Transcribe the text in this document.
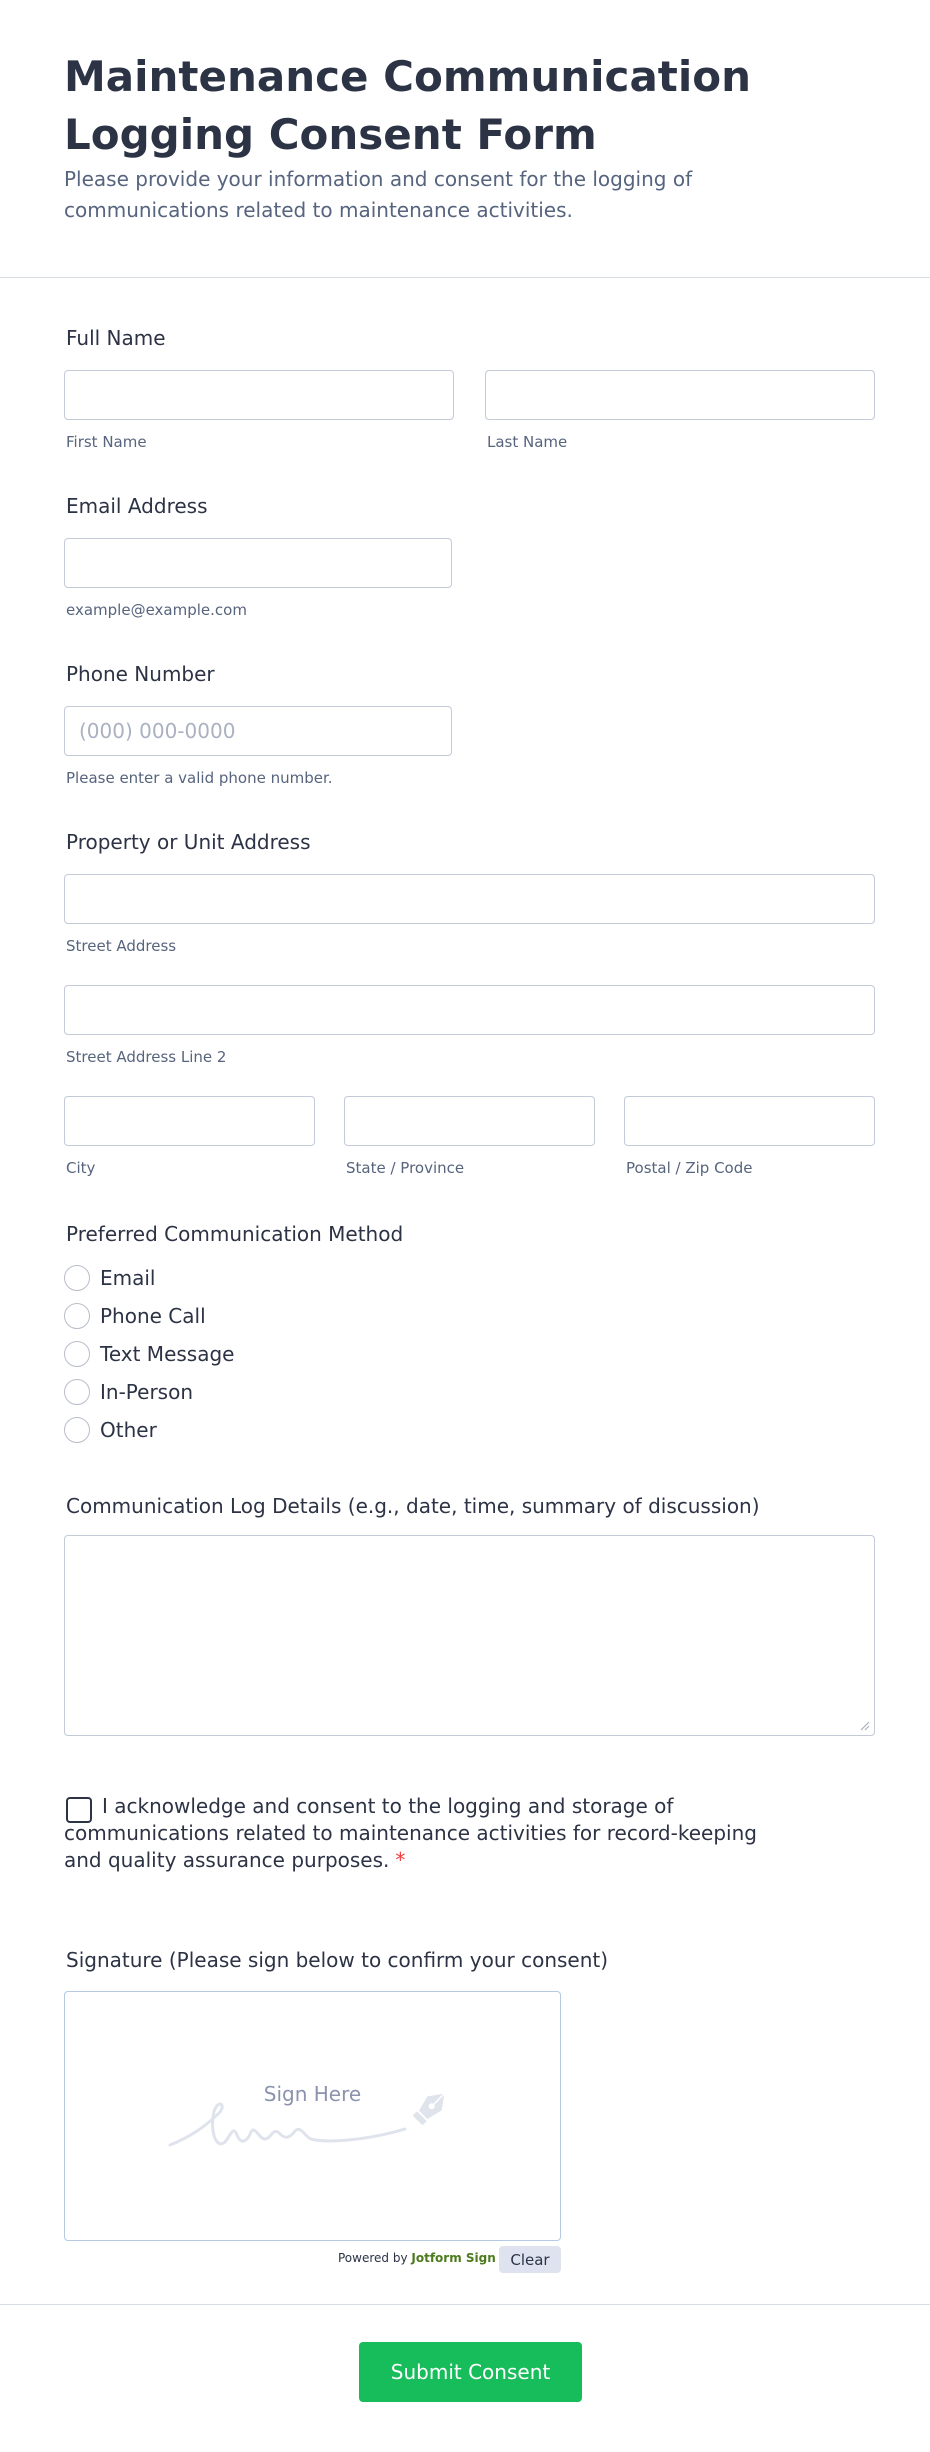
Maintenance Communication Logging Consent Form

Please provide your information and consent for the logging of communications related to maintenance activities.

Full Name
First Name	Last Name
Email Address
example@example.com
Phone Number
(000) 000-0000
Please enter a valid phone number.
Property or Unit Address
Street Address
Street Address Line 2
City	State / Province	Postal / Zip Code
Preferred Communication Method
Email
Phone Call
Text Message
In-Person
Other
Communication Log Details (e.g., date, time, summary of discussion)
I acknowledge and consent to the logging and storage of communications related to maintenance activities for record-keeping and quality assurance purposes. *
Signature (Please sign below to confirm your consent)
Sign Here
Powered by Jotform Sign Clear
Submit Consent
